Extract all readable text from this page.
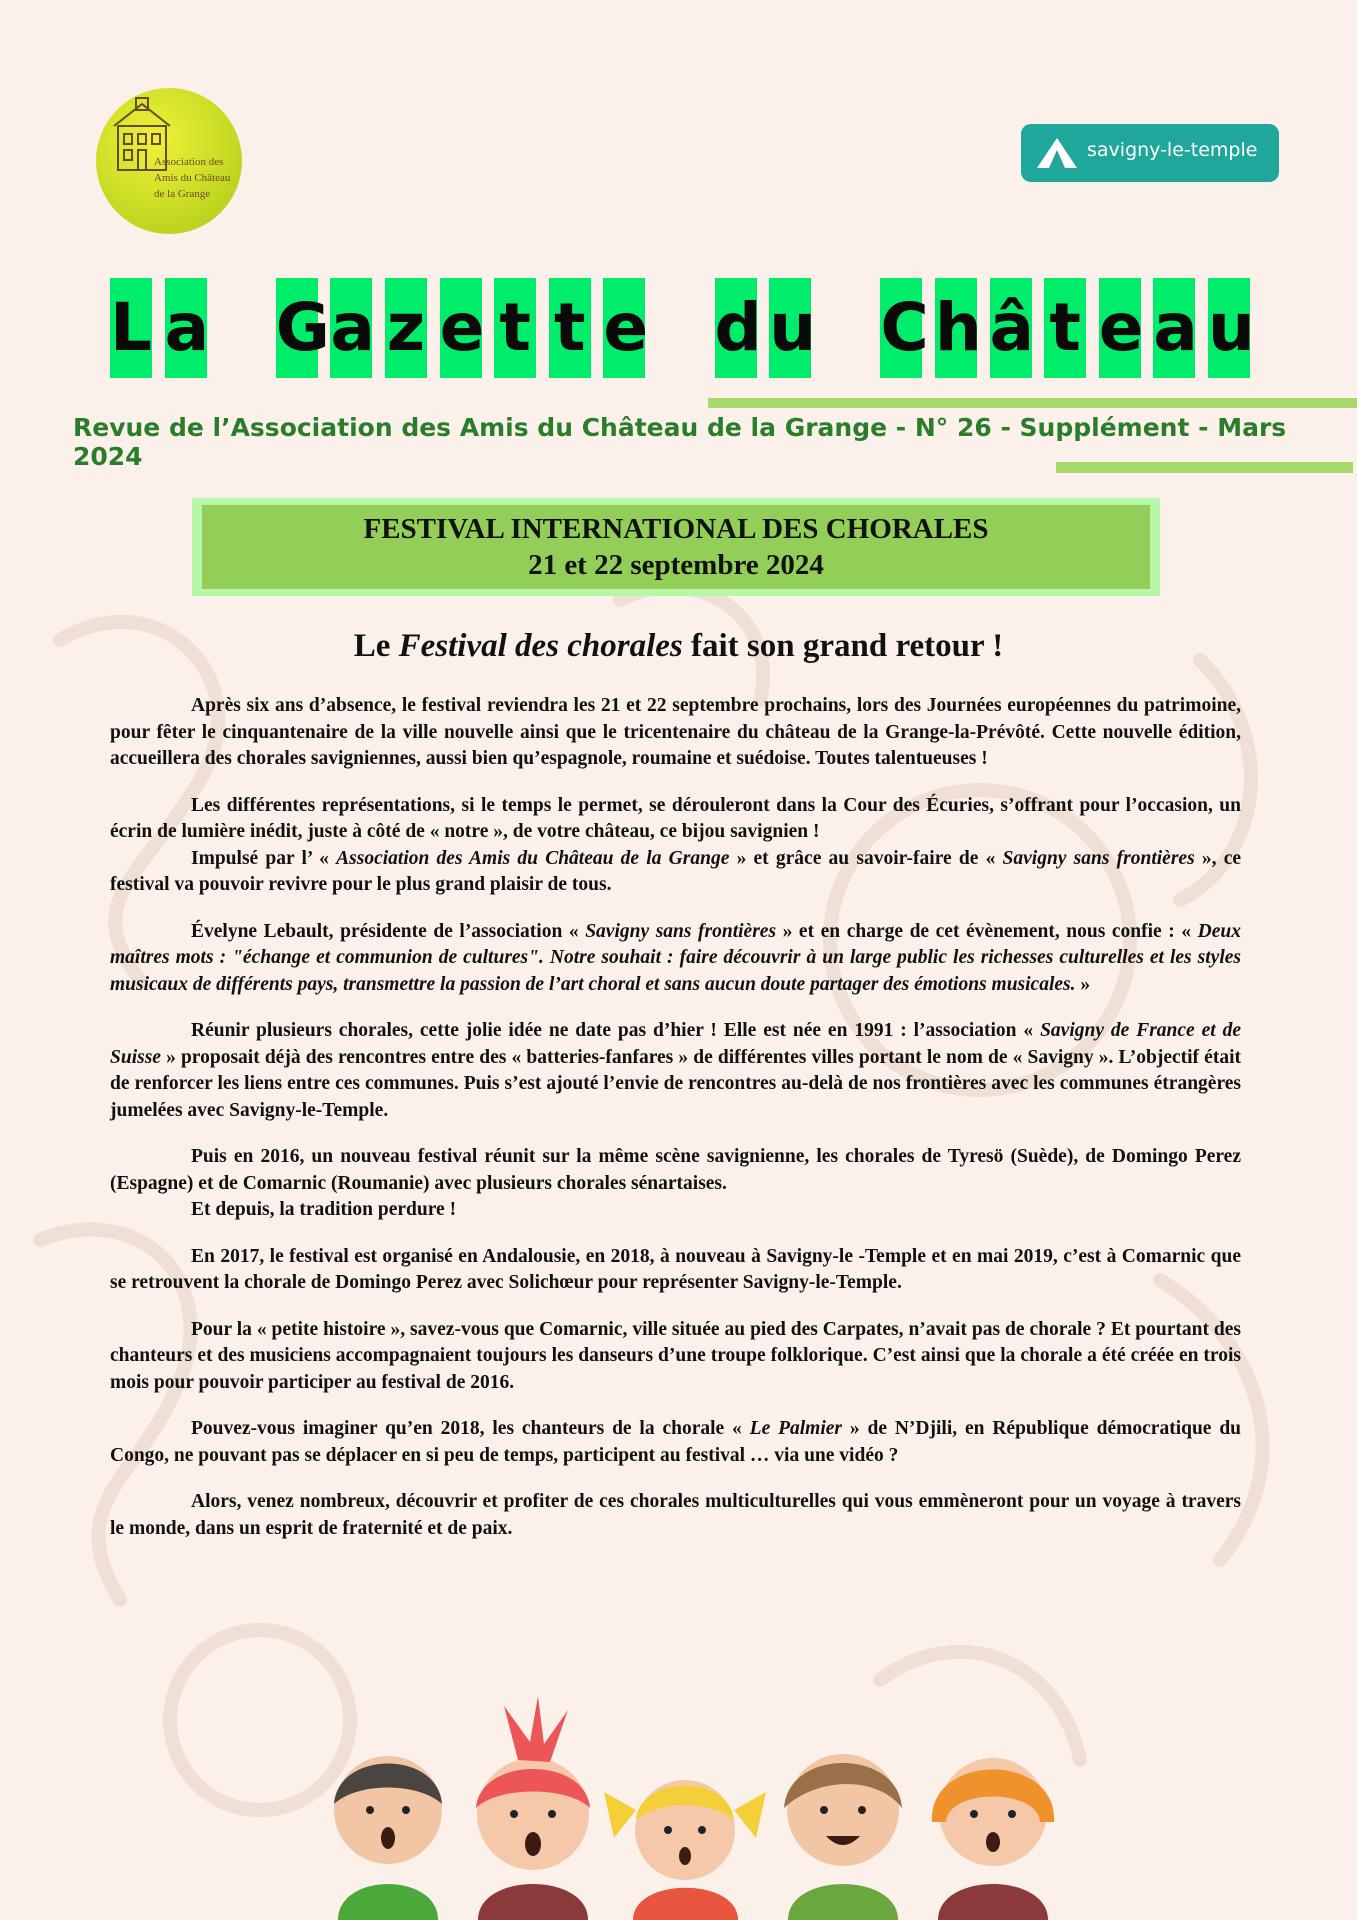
Association des
Amis du Château
de la Grange
savigny-le-temple
L a G a z e t t e d u C h â t e a u
Revue de l’Association des Amis du Château de la Grange - N° 26 - Supplément - Mars 2024
FESTIVAL INTERNATIONAL DES CHORALES
21 et 22 septembre 2024
Le Festival des chorales fait son grand retour !

Après six ans d’absence, le festival reviendra les 21 et 22 septembre prochains, lors des Journées européennes du patrimoine, pour fêter le cinquantenaire de la ville nouvelle ainsi que le tricentenaire du château de la Grange-la-Prévôté. Cette nouvelle édition, accueillera des chorales savigniennes, aussi bien qu’espagnole, roumaine et suédoise. Toutes talentueuses !

Les différentes représentations, si le temps le permet, se dérouleront dans la Cour des Écuries, s’offrant pour l’occasion, un écrin de lumière inédit, juste à côté de « notre », de votre château, ce bijou savignien !

Impulsé par l’ « Association des Amis du Château de la Grange » et grâce au savoir-faire de « Savigny sans frontières », ce festival va pouvoir revivre pour le plus grand plaisir de tous.

Évelyne Lebault, présidente de l’association « Savigny sans frontières » et en charge de cet évènement, nous confie : « Deux maîtres mots : "échange et communion de cultures". Notre souhait : faire découvrir à un large public les richesses culturelles et les styles musicaux de différents pays, transmettre la passion de l’art choral et sans aucun doute partager des émotions musicales. »

Réunir plusieurs chorales, cette jolie idée ne date pas d’hier ! Elle est née en 1991 : l’association « Savigny de France et de Suisse » proposait déjà des rencontres entre des « batteries-fanfares » de différentes villes portant le nom de « Savigny ». L’objectif était de renforcer les liens entre ces communes. Puis s’est ajouté l’envie de rencontres au-delà de nos frontières avec les communes étrangères jumelées avec Savigny-le-Temple.

Puis en 2016, un nouveau festival réunit sur la même scène savignienne, les chorales de Tyresö (Suède), de Domingo Perez (Espagne) et de Comarnic (Roumanie) avec plusieurs chorales sénartaises.

Et depuis, la tradition perdure !

En 2017, le festival est organisé en Andalousie, en 2018, à nouveau à Savigny-le -Temple et en mai 2019, c’est à Comarnic que se retrouvent la chorale de Domingo Perez avec Solichœur pour représenter Savigny-le-Temple.

Pour la « petite histoire », savez-vous que Comarnic, ville située au pied des Carpates, n’avait pas de chorale ? Et pourtant des chanteurs et des musiciens accompagnaient toujours les danseurs d’une troupe folklorique. C’est ainsi que la chorale a été créée en trois mois pour pouvoir participer au festival de 2016.

Pouvez-vous imaginer qu’en 2018, les chanteurs de la chorale « Le Palmier » de N’Djili, en République démocratique du Congo, ne pouvant pas se déplacer en si peu de temps, participent au festival … via une vidéo ?

Alors, venez nombreux, découvrir et profiter de ces chorales multiculturelles qui vous emmèneront pour un voyage à travers le monde, dans un esprit de fraternité et de paix.
